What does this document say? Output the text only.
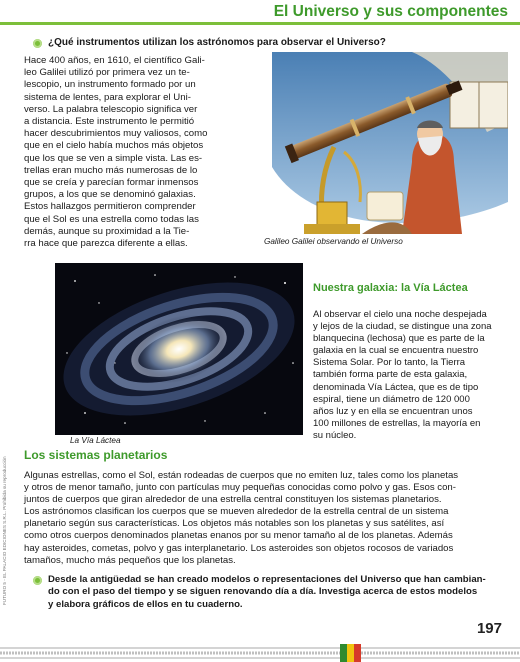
El Universo y sus componentes
¿Qué instrumentos utilizan los astrónomos para observar el Universo?
Hace 400 años, en 1610, el científico Gali-
leo Galilei utilizó por primera vez un te-
lescopio, un instrumento formado por un
sistema de lentes, para explorar el Uni-
verso. La palabra telescopio significa ver
a distancia. Este instrumento le permitió
hacer descubrimientos muy valiosos, como
que en el cielo había muchos más objetos
que los que se ven a simple vista. Las es-
trellas eran mucho más numerosas de lo
que se creía y parecían formar inmensos
grupos, a los que se denominó galaxias.
Estos hallazgos permitieron comprender
que el Sol es una estrella como todas las
demás, aunque su proximidad a la Tie-
rra hace que parezca diferente a ellas.	Galileo Galilei observando el Universo
La Vía Láctea
Nuestra galaxia: la Vía Láctea
Al observar el cielo una noche despejada
y lejos de la ciudad, se distingue una zona
blanquecina (lechosa) que es parte de la
galaxia en la cual se encuentra nuestro
Sistema Solar. Por lo tanto, la Tierra
también forma parte de esta galaxia,
denominada Vía Láctea, que es de tipo
espiral, tiene un diámetro de 120 000
años luz y en ella se encuentran unos
100 millones de estrellas, la mayoría en
su núcleo.
Los sistemas planetarios
Algunas estrellas, como el Sol, están rodeadas de cuerpos que no emiten luz, tales como los planetas
y otros de menor tamaño, junto con partículas muy pequeñas conocidas como polvo y gas. Esos con-
juntos de cuerpos que giran alrededor de una estrella central constituyen los sistemas planetarios.
Los astrónomos clasifican los cuerpos que se mueven alrededor de la estrella central de un sistema
planetario según sus características. Los objetos más notables son los planetas y sus satélites, así
como otros cuerpos denominados planetas enanos por su menor tamaño al de los planetas. Además
hay asteroides, cometas, polvo y gas interplanetario. Los asteroides son objetos rocosos de variados
tamaños, mucho más pequeños que los planetas.
Desde la antigüedad se han creado modelos o representaciones del Universo que han cambian-
do con el paso del tiempo y se siguen renovando día a día. Investiga acerca de estos modelos
y elabora gráficos de ellos en tu cuaderno.
FUTURO 5 - EL PALACIO EDICIONES S.R.L. Prohibida su reproducción
197
